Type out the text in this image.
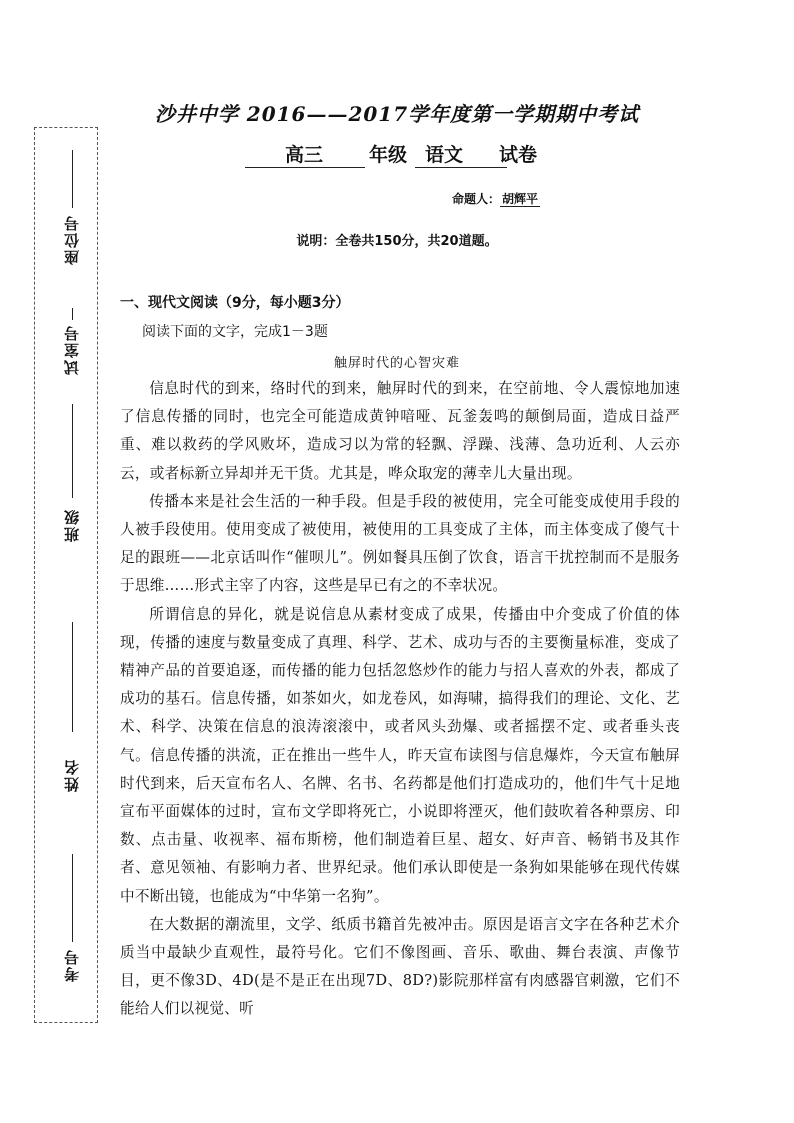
座位号
试室号
班级
姓名
考号
沙井中学 2016——2017学年度第一学期期中考试
高三 年级 语文 试卷
命题人： 胡辉平
说明：全卷共150分，共20道题。
一、现代文阅读（9分，每小题3分）
阅读下面的文字，完成1－3题
触屏时代的心智灾难

信息时代的到来，络时代的到来，触屏时代的到来，在空前地、令人震惊地加速了信息传播的同时，也完全可能造成黄钟喑哑、瓦釜轰鸣的颠倒局面，造成日益严重、难以救药的学风败坏，造成习以为常的轻飘、浮躁、浅薄、急功近利、人云亦云，或者标新立异却并无干货。尤其是，哗众取宠的薄幸儿大量出现。

传播本来是社会生活的一种手段。但是手段的被使用，完全可能变成使用手段的人被手段使用。使用变成了被使用，被使用的工具变成了主体，而主体变成了傻气十足的跟班——北京话叫作“催呗儿”。例如餐具压倒了饮食，语言干扰控制而不是服务于思维……形式主宰了内容，这些是早已有之的不幸状况。

所谓信息的异化，就是说信息从素材变成了成果，传播由中介变成了价值的体现，传播的速度与数量变成了真理、科学、艺术、成功与否的主要衡量标准，变成了精神产品的首要追逐，而传播的能力包括忽悠炒作的能力与招人喜欢的外表，都成了成功的基石。信息传播，如茶如火，如龙卷风，如海啸，搞得我们的理论、文化、艺术、科学、决策在信息的浪涛滚滚中，或者风头劲爆、或者摇摆不定、或者垂头丧气。信息传播的洪流，正在推出一些牛人，昨天宣布读图与信息爆炸，今天宣布触屏时代到来，后天宣布名人、名牌、名书、名药都是他们打造成功的，他们牛气十足地宣布平面媒体的过时，宣布文学即将死亡，小说即将湮灭，他们鼓吹着各种票房、印数、点击量、收视率、福布斯榜，他们制造着巨星、超女、好声音、畅销书及其作者、意见领袖、有影响力者、世界纪录。他们承认即使是一条狗如果能够在现代传媒中不断出镜，也能成为“中华第一名狗”。

在大数据的潮流里，文学、纸质书籍首先被冲击。原因是语言文字在各种艺术介质当中最缺少直观性，最符号化。它们不像图画、音乐、歌曲、舞台表演、声像节目，更不像3D、4D(是不是正在出现7D、8D?)影院那样富有肉感器官刺激，它们不能给人们以视觉、听
